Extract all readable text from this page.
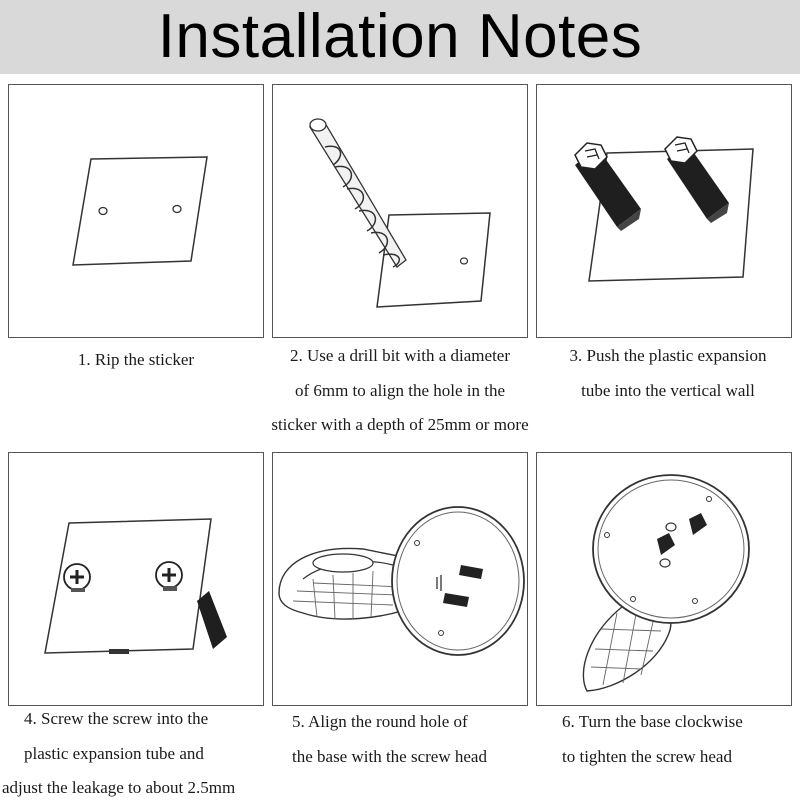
Installation Notes
1. Rip the sticker	2. Use a drill bit with a diameter
of 6mm to align the hole in the
sticker with a depth of 25mm or more
3. Push the plastic expansion
tube into the vertical wall
4. Screw the screw into the
plastic expansion tube and
adjust the leakage to about 2.5mm
5. Align the round hole of
the base with the screw head
6. Turn the base clockwise
to tighten the screw head
